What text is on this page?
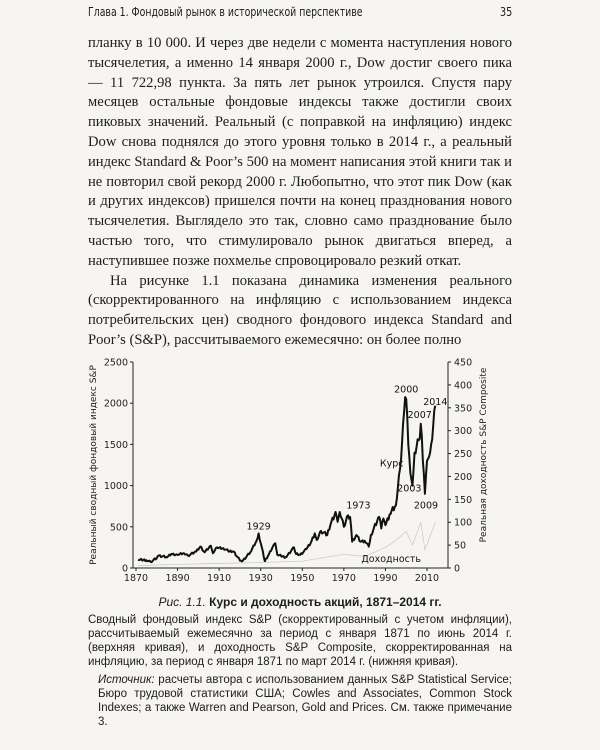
Глава 1. Фондовый рынок в исторической перспективе	35

планку в 10 000. И через две недели с момента наступления нового тысячелетия, а именно 14 января 2000 г., Dow достиг своего пика — 11 722,98 пункта. За пять лет рынок утроился. Спустя пару месяцев остальные фондовые индексы также достигли своих пиковых значений. Реальный (с поправкой на инфляцию) индекс Dow снова поднялся до этого уровня только в 2014 г., а реальный индекс Standard & Poor’s 500 на момент написания этой книги так и не повторил свой рекорд 2000 г. Любопытно, что этот пик Dow (как и других индексов) пришелся почти на конец празднования нового тысячелетия. Выглядело это так, словно само празднование было частью того, что стимулировало рынок двигаться вперед, а наступившее позже похмелье спровоцировало резкий откат.

На рисунке 1.1 показана динамика изменения реального (скорректированного на инфляцию с использованием индекса потребительских цен) сводного фондового индекса Standard and Poor’s (S&P), рассчитываемого ежемесячно: он более полно

1870 1890 1910 1930 1950 1970 1990 2010
0
500
1000
1500
2000
2500
0
50
100
150
200
250
300
350
400
450
Реальный сводный фондовый индекс S&P	Реальная доходность S&P Composite
1929
1973
2000
2007
2003
2009
2014
Курс
Доходность
Рис. 1.1. Курс и доходность акций, 1871–2014 гг.
Сводный фондовый индекс S&P (скорректированный с учетом инфляции), рассчитываемый ежемесячно за период с января 1871 по июнь 2014 г. (верхняя кривая), и доходность S&P Composite, скорректированная на инфляцию, за период с января 1871 по март 2014 г. (нижняя кривая).
Источник: расчеты автора с использованием данных S&P Statistical Service; Бюро трудовой статистики США; Cowles and Associates, Common Stock Indexes; а также Warren and Pearson, Gold and Prices. См. также примечание 3.
